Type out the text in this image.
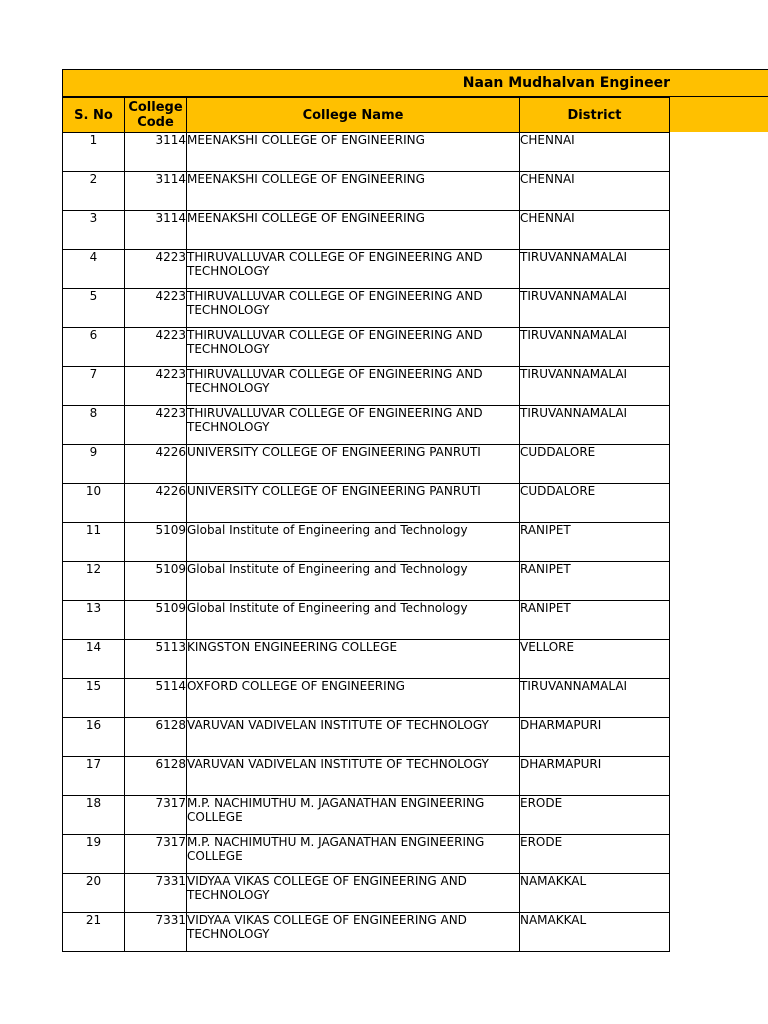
Naan Mudhalvan Engineer
S. No	College Code	College Name	District
1	3114	MEENAKSHI COLLEGE OF ENGINEERING	CHENNAI
2	3114	MEENAKSHI COLLEGE OF ENGINEERING	CHENNAI
3	3114	MEENAKSHI COLLEGE OF ENGINEERING	CHENNAI
4	4223	THIRUVALLUVAR COLLEGE OF ENGINEERING AND TECHNOLOGY	TIRUVANNAMALAI
5	4223	THIRUVALLUVAR COLLEGE OF ENGINEERING AND TECHNOLOGY	TIRUVANNAMALAI
6	4223	THIRUVALLUVAR COLLEGE OF ENGINEERING AND TECHNOLOGY	TIRUVANNAMALAI
7	4223	THIRUVALLUVAR COLLEGE OF ENGINEERING AND TECHNOLOGY	TIRUVANNAMALAI
8	4223	THIRUVALLUVAR COLLEGE OF ENGINEERING AND TECHNOLOGY	TIRUVANNAMALAI
9	4226	UNIVERSITY COLLEGE OF ENGINEERING PANRUTI	CUDDALORE
10	4226	UNIVERSITY COLLEGE OF ENGINEERING PANRUTI	CUDDALORE
11	5109	Global Institute of Engineering and Technology	RANIPET
12	5109	Global Institute of Engineering and Technology	RANIPET
13	5109	Global Institute of Engineering and Technology	RANIPET
14	5113	KINGSTON ENGINEERING COLLEGE	VELLORE
15	5114	OXFORD COLLEGE OF ENGINEERING	TIRUVANNAMALAI
16	6128	VARUVAN VADIVELAN INSTITUTE OF TECHNOLOGY	DHARMAPURI
17	6128	VARUVAN VADIVELAN INSTITUTE OF TECHNOLOGY	DHARMAPURI
18	7317	M.P. NACHIMUTHU M. JAGANATHAN ENGINEERING COLLEGE	ERODE
19	7317	M.P. NACHIMUTHU M. JAGANATHAN ENGINEERING COLLEGE	ERODE
20	7331	VIDYAA VIKAS COLLEGE OF ENGINEERING AND TECHNOLOGY	NAMAKKAL
21	7331	VIDYAA VIKAS COLLEGE OF ENGINEERING AND TECHNOLOGY	NAMAKKAL
